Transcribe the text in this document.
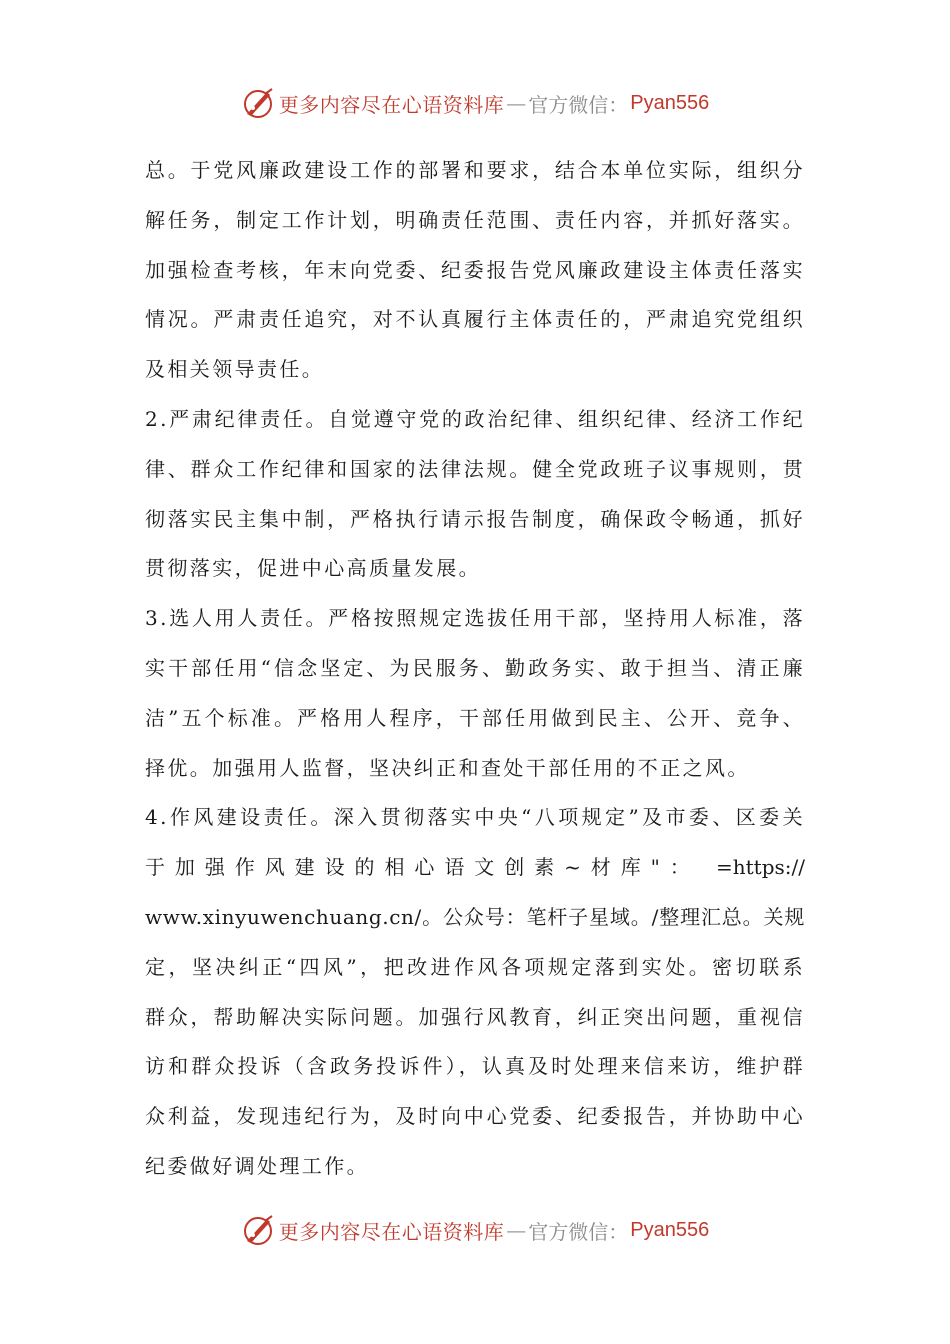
更多内容尽在心语资料库 — 官方微信： Pyan556
总。于党风廉政建设工作的部署和要求，结合本单位实际，组织分
解任务，制定工作计划，明确责任范围、责任内容，并抓好落实。
加强检查考核，年末向党委、纪委报告党风廉政建设主体责任落实
情况。严肃责任追究，对不认真履行主体责任的，严肃追究党组织
及相关领导责任。
2.严肃纪律责任。自觉遵守党的政治纪律、组织纪律、经济工作纪
律、群众工作纪律和国家的法律法规。健全党政班子议事规则，贯
彻落实民主集中制，严格执行请示报告制度，确保政令畅通，抓好
贯彻落实，促进中心高质量发展。
3.选人用人责任。严格按照规定选拔任用干部，坚持用人标准，落
实干部任用“信念坚定、为民服务、勤政务实、敢于担当、清正廉
洁”五个标准。严格用人程序，干部任用做到民主、公开、竞争、
择优。加强用人监督，坚决纠正和查处干部任用的不正之风。
4.作风建设责任。深入贯彻落实中央“八项规定”及市委、区委关
于加强作风建设的相心语文创素~材库"： =https://
www.xinyuwenchuang.cn/。公众号：笔杆子星域。/整理汇总。关规
定，坚决纠正“四风”，把改进作风各项规定落到实处。密切联系
群众，帮助解决实际问题。加强行风教育，纠正突出问题，重视信
访和群众投诉（含政务投诉件），认真及时处理来信来访，维护群
众利益，发现违纪行为，及时向中心党委、纪委报告，并协助中心
纪委做好调处理工作。
更多内容尽在心语资料库 — 官方微信： Pyan556
